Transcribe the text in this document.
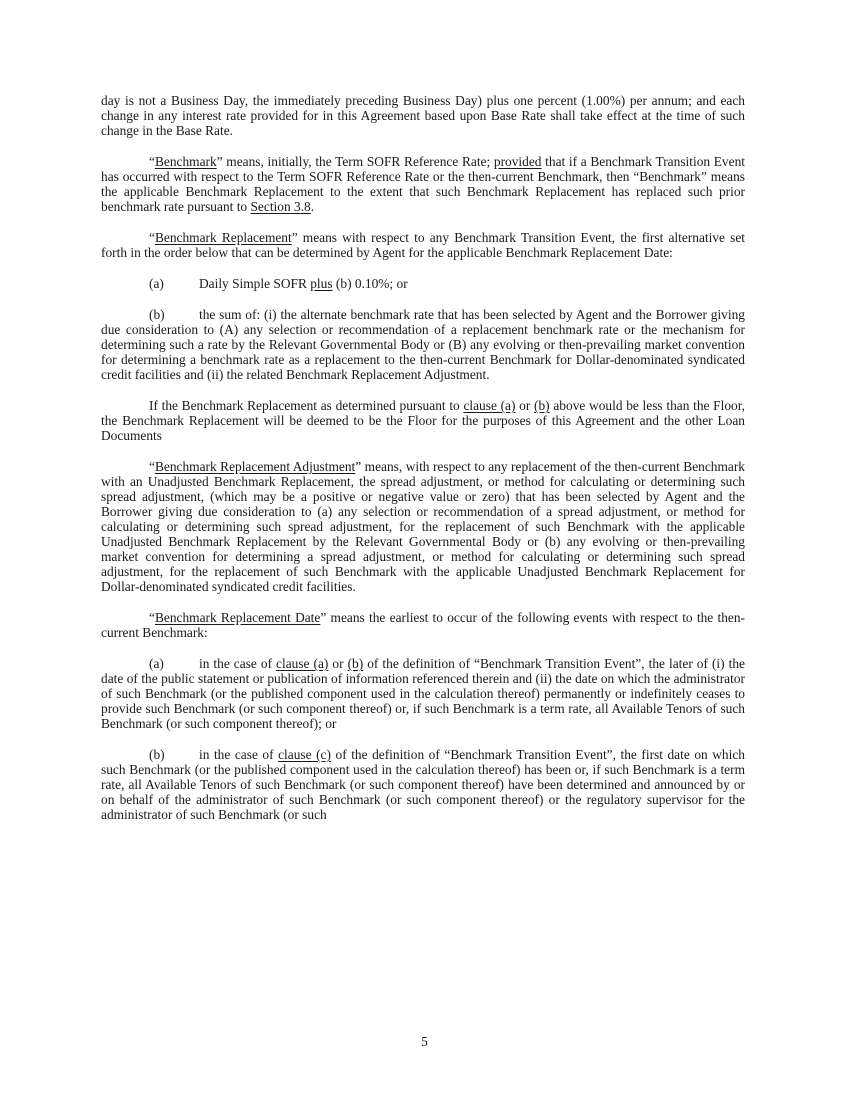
day is not a Business Day, the immediately preceding Business Day) plus one percent (1.00%) per annum; and each change in any interest rate provided for in this Agreement based upon Base Rate shall take effect at the time of such change in the Base Rate.

“Benchmark” means, initially, the Term SOFR Reference Rate; provided that if a Benchmark Transition Event has occurred with respect to the Term SOFR Reference Rate or the then-current Benchmark, then “Benchmark” means the applicable Benchmark Replacement to the extent that such Benchmark Replacement has replaced such prior benchmark rate pursuant to Section 3.8.

“Benchmark Replacement” means with respect to any Benchmark Transition Event, the first alternative set forth in the order below that can be determined by Agent for the applicable Benchmark Replacement Date:

(a)	Daily Simple SOFR plus (b) 0.10%; or

(b)	the sum of: (i) the alternate benchmark rate that has been selected by Agent and the Borrower giving due consideration to (A) any selection or recommendation of a replacement benchmark rate or the mechanism for determining such a rate by the Relevant Governmental Body or (B) any evolving or then-prevailing market convention for determining a benchmark rate as a replacement to the then-current Benchmark for Dollar-denominated syndicated credit facilities and (ii) the related Benchmark Replacement Adjustment.

If the Benchmark Replacement as determined pursuant to clause (a) or (b) above would be less than the Floor, the Benchmark Replacement will be deemed to be the Floor for the purposes of this Agreement and the other Loan Documents

“Benchmark Replacement Adjustment” means, with respect to any replacement of the then-current Benchmark with an Unadjusted Benchmark Replacement, the spread adjustment, or method for calculating or determining such spread adjustment, (which may be a positive or negative value or zero) that has been selected by Agent and the Borrower giving due consideration to (a) any selection or recommendation of a spread adjustment, or method for calculating or determining such spread adjustment, for the replacement of such Benchmark with the applicable Unadjusted Benchmark Replacement by the Relevant Governmental Body or (b) any evolving or then-prevailing market convention for determining a spread adjustment, or method for calculating or determining such spread adjustment, for the replacement of such Benchmark with the applicable Unadjusted Benchmark Replacement for Dollar-denominated syndicated credit facilities.

“Benchmark Replacement Date” means the earliest to occur of the following events with respect to the then-current Benchmark:

(a)	in the case of clause (a) or (b) of the definition of “Benchmark Transition Event”, the later of (i) the date of the public statement or publication of information referenced therein and (ii) the date on which the administrator of such Benchmark (or the published component used in the calculation thereof) permanently or indefinitely ceases to provide such Benchmark (or such component thereof) or, if such Benchmark is a term rate, all Available Tenors of such Benchmark (or such component thereof); or

(b)	in the case of clause (c) of the definition of “Benchmark Transition Event”, the first date on which such Benchmark (or the published component used in the calculation thereof) has been or, if such Benchmark is a term rate, all Available Tenors of such Benchmark (or such component thereof) have been determined and announced by or on behalf of the administrator of such Benchmark (or such component thereof) or the regulatory supervisor for the administrator of such Benchmark (or such

5
